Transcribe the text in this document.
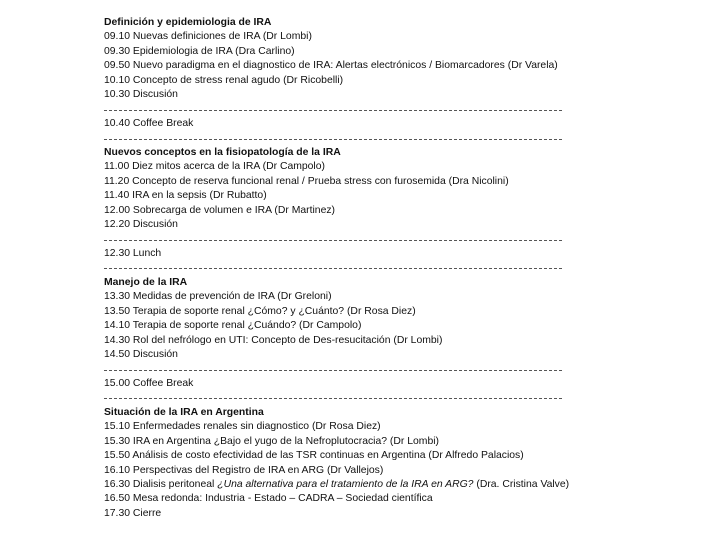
Definición y epidemiologia de IRA
09.10 Nuevas definiciones de IRA (Dr Lombi)
09.30 Epidemiologia de IRA (Dra Carlino)
09.50 Nuevo paradigma en el diagnostico de IRA: Alertas electrónicos / Biomarcadores (Dr Varela)
10.10 Concepto de stress renal agudo (Dr Ricobelli)
10.30 Discusión
10.40 Coffee Break
Nuevos conceptos en la fisiopatología de la IRA
11.00 Diez mitos acerca de la IRA (Dr Campolo)
11.20 Concepto de reserva funcional renal / Prueba stress con furosemida (Dra Nicolini)
11.40 IRA en la sepsis (Dr Rubatto)
12.00 Sobrecarga de volumen e IRA (Dr Martinez)
12.20 Discusión
12.30 Lunch
Manejo de la IRA
13.30 Medidas de prevención de IRA (Dr Greloni)
13.50 Terapia de soporte renal ¿Cómo? y ¿Cuánto? (Dr Rosa Diez)
14.10 Terapia de soporte renal ¿Cuándo? (Dr Campolo)
14.30 Rol del nefrólogo en UTI: Concepto de Des-resucitación (Dr Lombi)
14.50 Discusión
15.00 Coffee Break
Situación de la IRA en Argentina
15.10 Enfermedades renales sin diagnostico (Dr Rosa Diez)
15.30 IRA en Argentina ¿Bajo el yugo de la Nefroplutocracia? (Dr Lombi)
15.50 Análisis de costo efectividad de las TSR continuas en Argentina (Dr Alfredo Palacios)
16.10 Perspectivas del Registro de IRA en ARG (Dr Vallejos)
16.30 Dialisis peritoneal ¿Una alternativa para el tratamiento de la IRA en ARG? (Dra. Cristina Valve)
16.50 Mesa redonda: Industria - Estado – CADRA – Sociedad científica
17.30 Cierre
